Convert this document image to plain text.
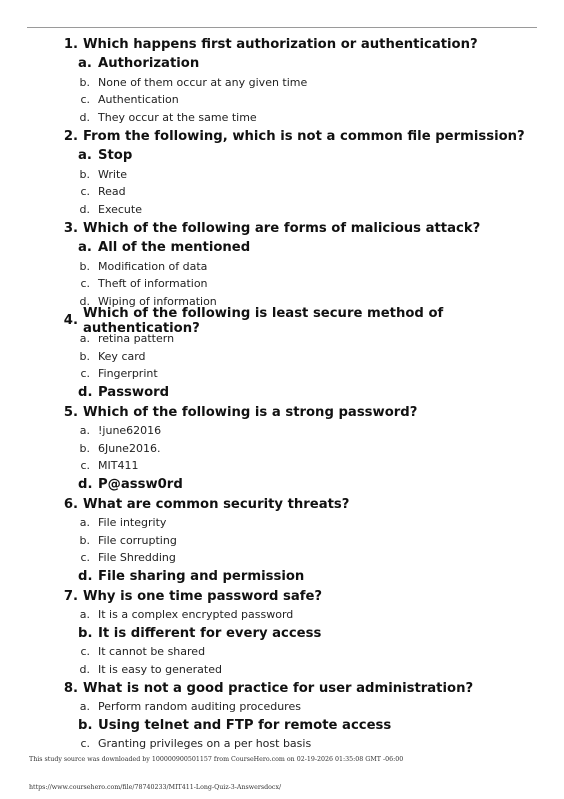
1. Which happens first authorization or authentication?
a. Authorization
b. None of them occur at any given time
c. Authentication
d. They occur at the same time
2. From the following, which is not a common file permission?
a. Stop
b. Write
c. Read
d. Execute
3. Which of the following are forms of malicious attack?
a. All of the mentioned
b. Modification of data
c. Theft of information
d. Wiping of information
4. Which of the following is least secure method of authentication?
a. retina pattern
b. Key card
c. Fingerprint
d. Password
5. Which of the following is a strong password?
a. !june62016
b. 6June2016.
c. MIT411
d. P@assw0rd
6. What are common security threats?
a. File integrity
b. File corrupting
c. File Shredding
d. File sharing and permission
7. Why is one time password safe?
a. It is a complex encrypted password
b. It is different for every access
c. It cannot be shared
d. It is easy to generated
8. What is not a good practice for user administration?
a. Perform random auditing procedures
b. Using telnet and FTP for remote access
c. Granting privileges on a per host basis
This study source was downloaded by 100000900501157 from CourseHero.com on 02-19-2026 01:35:08 GMT -06:00
https://www.coursehero.com/file/78740233/MIT411-Long-Quiz-3-Answersdocx/
